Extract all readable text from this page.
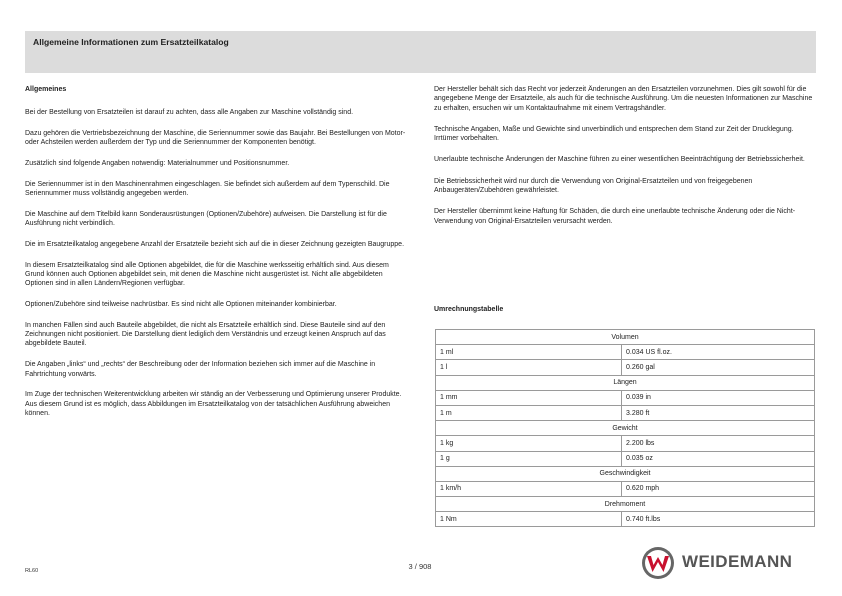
Allgemeine Informationen zum Ersatzteilkatalog

Allgemeines

Bei der Bestellung von Ersatzteilen ist darauf zu achten, dass alle Angaben zur Maschine vollständig sind.

Dazu gehören die Vertriebsbezeichnung der Maschine, die Seriennummer sowie das Baujahr. Bei Bestellungen von Motor- oder Achsteilen werden außerdem der Typ und die Seriennummer der Komponenten benötigt.

Zusätzlich sind folgende Angaben notwendig: Materialnummer und Positionsnummer.

Die Seriennummer ist in den Maschinenrahmen eingeschlagen. Sie befindet sich außerdem auf dem Typenschild. Die Seriennummer muss vollständig angegeben werden.

Die Maschine auf dem Titelbild kann Sonderausrüstungen (Optionen/Zubehöre) aufweisen. Die Darstellung ist für die Ausführung nicht verbindlich.

Die im Ersatzteilkatalog angegebene Anzahl der Ersatzteile bezieht sich auf die in dieser Zeichnung gezeigten Baugruppe.

In diesem Ersatzteilkatalog sind alle Optionen abgebildet, die für die Maschine werksseitig erhältlich sind. Aus diesem Grund können auch Optionen abgebildet sein, mit denen die Maschine nicht ausgerüstet ist. Nicht alle abgebildeten Optionen sind in allen Ländern/Regionen verfügbar.

Optionen/Zubehöre sind teilweise nachrüstbar. Es sind nicht alle Optionen miteinander kombinierbar.

In manchen Fällen sind auch Bauteile abgebildet, die nicht als Ersatzteile erhältlich sind. Diese Bauteile sind auf den Zeichnungen nicht positioniert. Die Darstellung dient lediglich dem Verständnis und erzeugt keinen Anspruch auf das abgebildete Bauteil.

Die Angaben „links“ und „rechts“ der Beschreibung oder der Information beziehen sich immer auf die Maschine in Fahrtrichtung vorwärts.

Im Zuge der technischen Weiterentwicklung arbeiten wir ständig an der Verbesserung und Optimierung unserer Produkte. Aus diesem Grund ist es möglich, dass Abbildungen im Ersatzteilkatalog von der tatsächlichen Ausführung abweichen können.

Der Hersteller behält sich das Recht vor jederzeit Änderungen an den Ersatzteilen vorzunehmen. Dies gilt sowohl für die angegebene Menge der Ersatzteile, als auch für die technische Ausführung. Um die neuesten Informationen zur Maschine zu erhalten, ersuchen wir um Kontaktaufnahme mit einem Vertragshändler.

Technische Angaben, Maße und Gewichte sind unverbindlich und entsprechen dem Stand zur Zeit der Drucklegung. Irrtümer vorbehalten.

Unerlaubte technische Änderungen der Maschine führen zu einer wesentlichen Beeinträchtigung der Betriebssicherheit.

Die Betriebssicherheit wird nur durch die Verwendung von Original-Ersatzteilen und von freigegebenen Anbaugeräten/Zubehören gewährleistet.

Der Hersteller übernimmt keine Haftung für Schäden, die durch eine unerlaubte technische Änderung oder die Nicht-Verwendung von Original-Ersatzteilen verursacht werden.

Umrechnungstabelle
Volumen	
1 ml	0.034 US fl.oz.
1 l	0.260 gal
Längen	
1 mm	0.039 in
1 m	3.280 ft
Gewicht	
1 kg	2.200 lbs
1 g	0.035 oz
Geschwindigkeit	
1 km/h	0.620 mph
Drehmoment	
1 Nm	0.740 ft.lbs
RL60	3 / 908	WEIDEMANN
